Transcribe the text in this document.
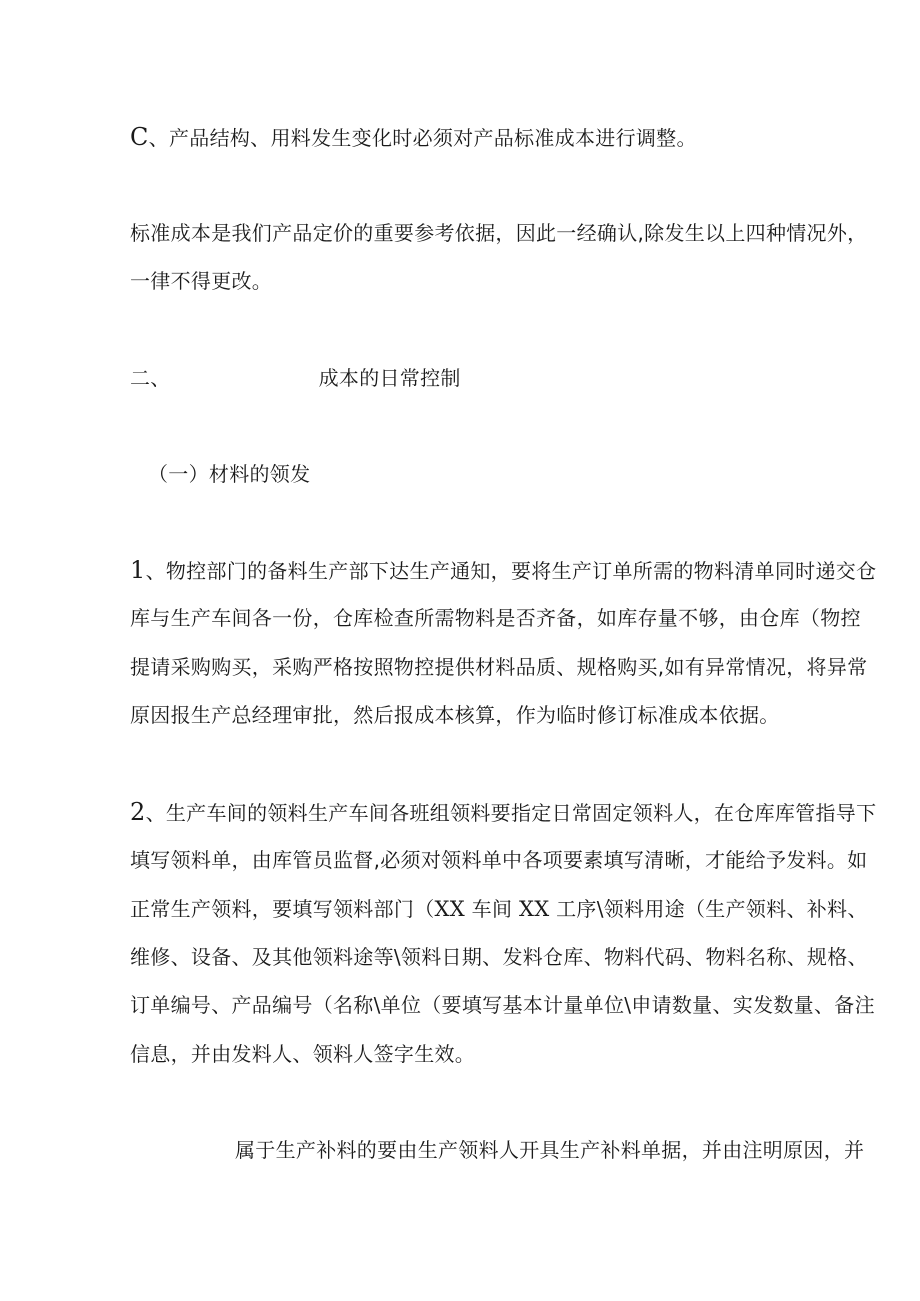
C、产品结构、用料发生变化时必须对产品标准成本进行调整。
标准成本是我们产品定价的重要参考依据，因此一经确认,除发生以上四种情况外，
一律不得更改。
二、	成本的日常控制
（一）材料的领发
1、物控部门的备料生产部下达生产通知，要将生产订单所需的物料清单同时递交仓
库与生产车间各一份，仓库检查所需物料是否齐备，如库存量不够，由仓库（物控
提请采购购买，采购严格按照物控提供材料品质、规格购买,如有异常情况，将异常
原因报生产总经理审批，然后报成本核算，作为临时修订标准成本依据。
2、生产车间的领料生产车间各班组领料要指定日常固定领料人，在仓库库管指导下
填写领料单，由库管员监督,必须对领料单中各项要素填写清晰，才能给予发料。如
正常生产领料，要填写领料部门（XX 车间 XX 工序\领料用途（生产领料、补料、
维修、设备、及其他领料途等\领料日期、发料仓库、物料代码、物料名称、规格、
订单编号、产品编号（名称\单位（要填写基本计量单位\申请数量、实发数量、备注
信息，并由发料人、领料人签字生效。
属于生产补料的要由生产领料人开具生产补料单据，并由注明原因，并
